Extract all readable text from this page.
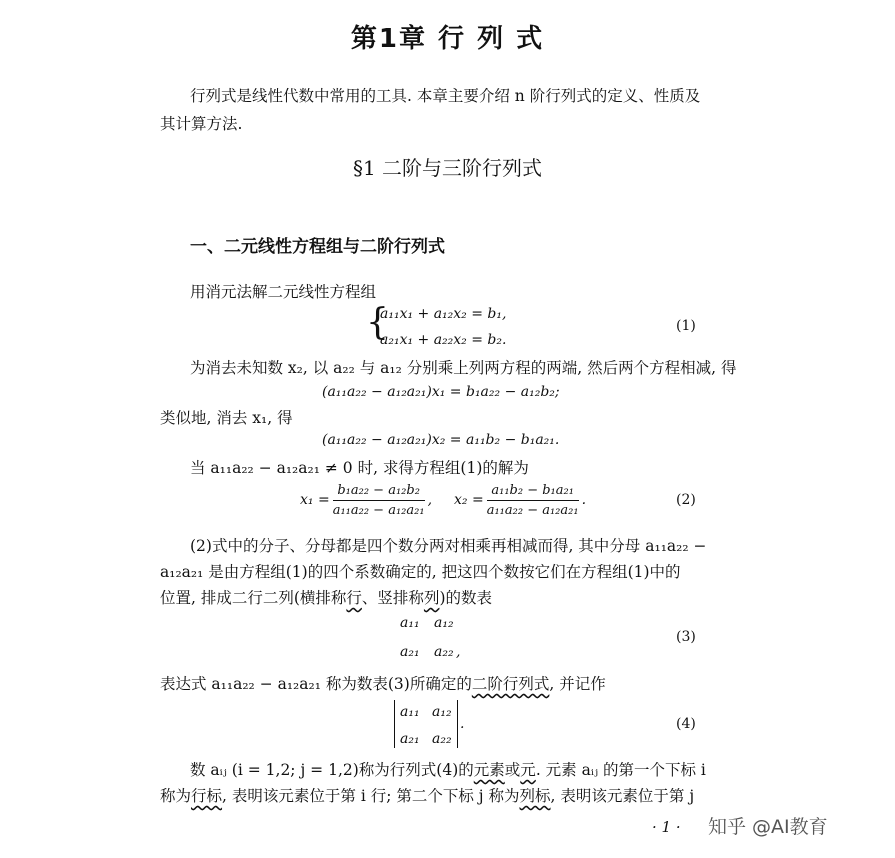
第1章 行 列 式
行列式是线性代数中常用的工具. 本章主要介绍 n 阶行列式的定义、性质及
其计算方法.
§1 二阶与三阶行列式
一、二元线性方程组与二阶行列式
用消元法解二元线性方程组
{
a₁₁x₁ + a₁₂x₂ = b₁,
a₂₁x₁ + a₂₂x₂ = b₂.
(1)
为消去未知数 x₂, 以 a₂₂ 与 a₁₂ 分别乘上列两方程的两端, 然后两个方程相减, 得
(a₁₁a₂₂ − a₁₂a₂₁)x₁ = b₁a₂₂ − a₁₂b₂;
类似地, 消去 x₁, 得
(a₁₁a₂₂ − a₁₂a₂₁)x₂ = a₁₁b₂ − b₁a₂₁.
当 a₁₁a₂₂ − a₁₂a₂₁ ≠ 0 时, 求得方程组(1)的解为
$x_1 = \frac{\text{b₁a₂₂ − a₁₂b₂}}{\text{a₁₁a₂₂ − a₁₂a₂₁}}$ , $x_2 = \frac{\text{a₁₁b₂ − b₁a₂₁}}{\text{a₁₁a₂₂ − a₁₂a₂₁}}$ .	(2)
(2)式中的分子、分母都是四个数分两对相乘再相减而得, 其中分母 a₁₁a₂₂ −
a₁₂a₂₁ 是由方程组(1)的四个系数确定的, 把这四个数按它们在方程组(1)中的
位置, 排成二行二列(横排称行、竖排称列)的数表
a₁₁ a₁₂
a₂₁ a₂₂ ,
(3)
表达式 a₁₁a₂₂ − a₁₂a₂₁ 称为数表(3)所确定的二阶行列式, 并记作
a₁₁ a₁₂
a₂₁ a₂₂
.	(4)
数 aᵢⱼ (i = 1,2; j = 1,2)称为行列式(4)的元素或元. 元素 aᵢⱼ 的第一个下标 i
称为行标, 表明该元素位于第 i 行; 第二个下标 j 称为列标, 表明该元素位于第 j
· 1 · 知乎 @AI教育
